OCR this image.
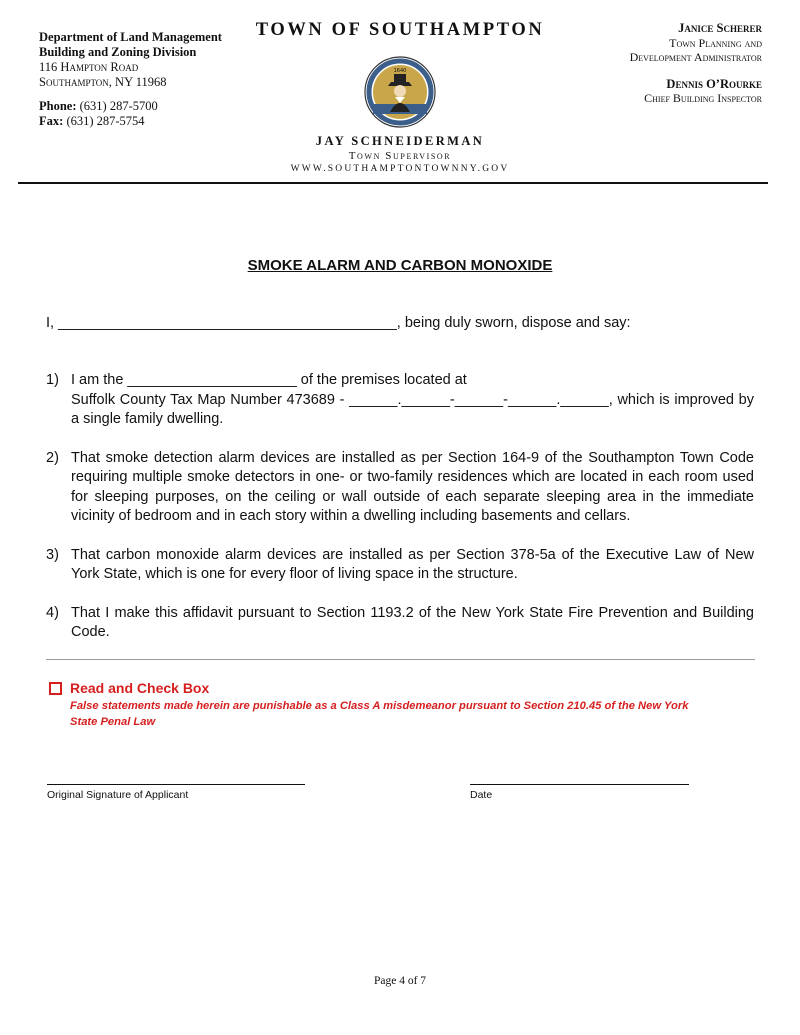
Department of Land Management
Building and Zoning Division
116 Hampton Road
Southampton, NY 11968
Phone: (631) 287-5700
Fax: (631) 287-5754
TOWN OF SOUTHAMPTON
1640
JAY SCHNEIDERMAN
Town Supervisor
WWW.SOUTHAMPTONTOWNNY.GOV
Janice Scherer
Town Planning and
Development Administrator
Dennis O’Rourke
Chief Building Inspector
SMOKE ALARM AND CARBON MONOXIDE
I, __________________________________________, being duly sworn, dispose and say:
1) I am the _____________________ of the premises located at
Suffolk County Tax Map Number 473689 - ______.______-______-______.______, which is improved by a single family dwelling.
2) That smoke detection alarm devices are installed as per Section 164-9 of the Southampton Town Code requiring multiple smoke detectors in one- or two-family residences which are located in each room used for sleeping purposes, on the ceiling or wall outside of each separate sleeping area in the immediate vicinity of bedroom and in each story within a dwelling including basements and cellars.
3) That carbon monoxide alarm devices are installed as per Section 378-5a of the Executive Law of New York State, which is one for every floor of living space in the structure.
4) That I make this affidavit pursuant to Section 1193.2 of the New York State Fire Prevention and Building Code.
Read and Check Box
False statements made herein are punishable as a Class A misdemeanor pursuant to Section 210.45 of the New York State Penal Law
Original Signature of Applicant	Date
Page 4 of 7
